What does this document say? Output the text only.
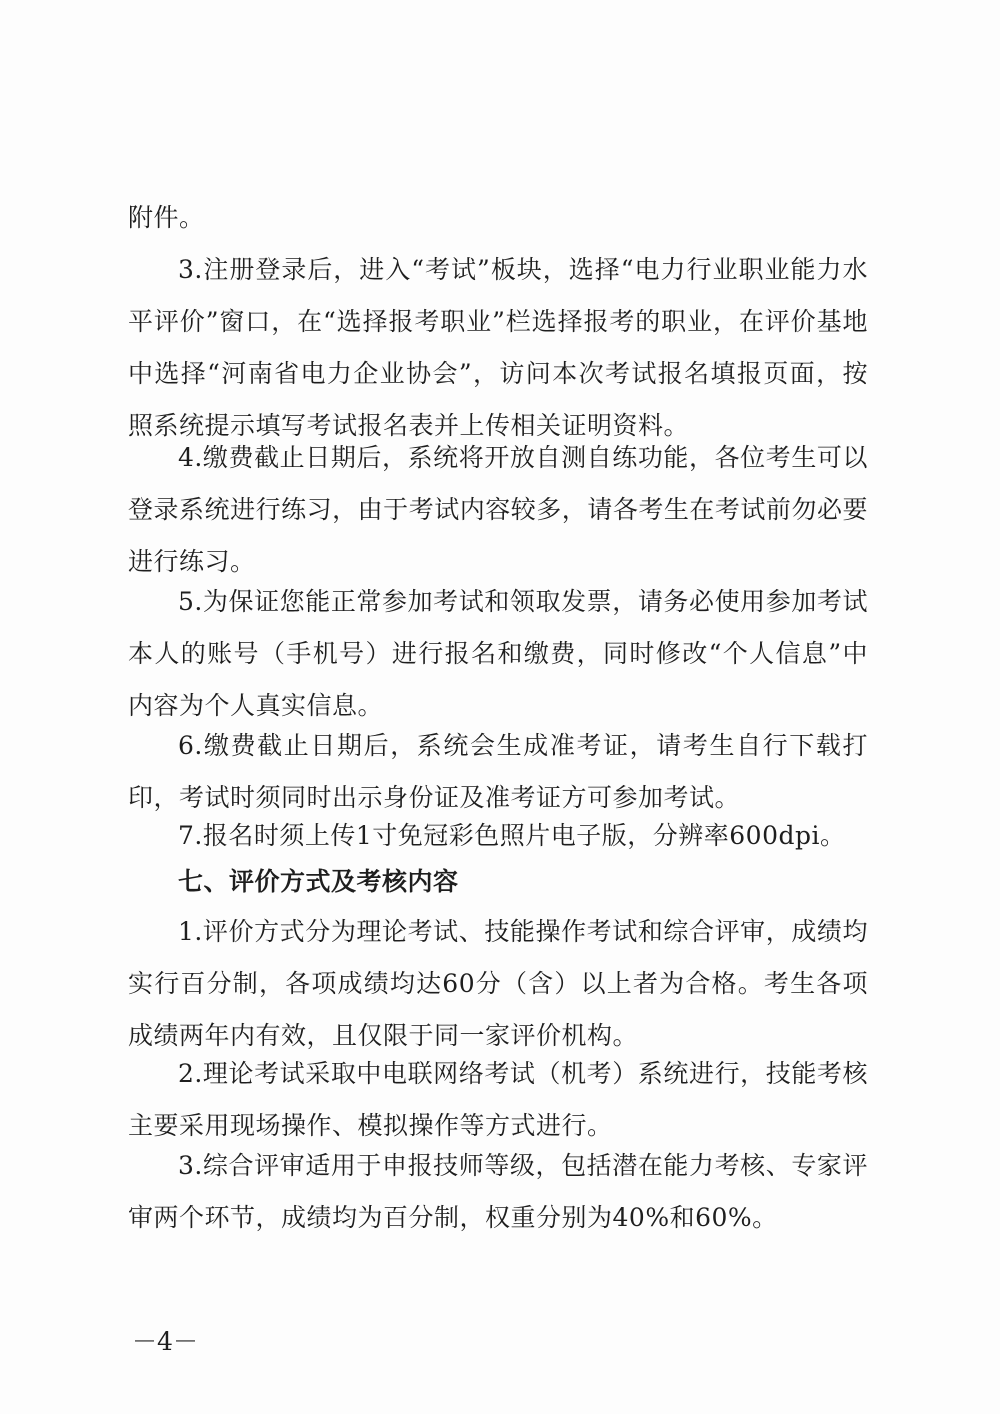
附件。

3.注册登录后，进入“考试”板块，选择“电力行业职业能力水平评价”窗口，在“选择报考职业”栏选择报考的职业，在评价基地中选择“河南省电力企业协会”，访问本次考试报名填报页面，按照系统提示填写考试报名表并上传相关证明资料。

4.缴费截止日期后，系统将开放自测自练功能，各位考生可以登录系统进行练习，由于考试内容较多，请各考生在考试前勿必要进行练习。

5.为保证您能正常参加考试和领取发票，请务必使用参加考试本人的账号（手机号）进行报名和缴费，同时修改“个人信息”中内容为个人真实信息。

6.缴费截止日期后，系统会生成准考证，请考生自行下载打印，考试时须同时出示身份证及准考证方可参加考试。

7.报名时须上传1寸免冠彩色照片电子版，分辨率600dpi。

七、评价方式及考核内容

1.评价方式分为理论考试、技能操作考试和综合评审，成绩均实行百分制，各项成绩均达60分（含）以上者为合格。考生各项成绩两年内有效，且仅限于同一家评价机构。

2.理论考试采取中电联网络考试（机考）系统进行，技能考核主要采用现场操作、模拟操作等方式进行。

3.综合评审适用于申报技师等级，包括潜在能力考核、专家评审两个环节，成绩均为百分制，权重分别为40%和60%。

－4－
